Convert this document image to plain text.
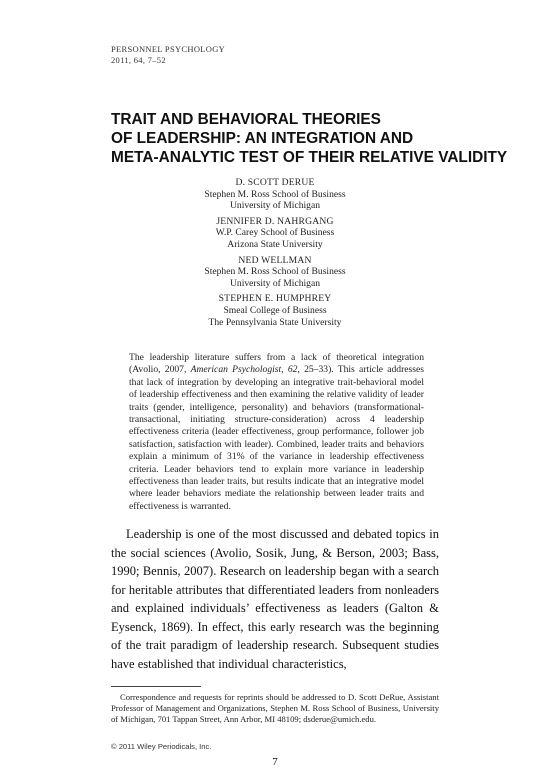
PERSONNEL PSYCHOLOGY
2011, 64, 7–52
TRAIT AND BEHAVIORAL THEORIES
OF LEADERSHIP: AN INTEGRATION AND
META-ANALYTIC TEST OF THEIR RELATIVE VALIDITY
D. SCOTT DERUE
Stephen M. Ross School of Business
University of Michigan
JENNIFER D. NAHRGANG
W.P. Carey School of Business
Arizona State University
NED WELLMAN
Stephen M. Ross School of Business
University of Michigan
STEPHEN E. HUMPHREY
Smeal College of Business
The Pennsylvania State University
The leadership literature suffers from a lack of theoretical integration (Avolio, 2007, American Psychologist, 62, 25–33). This article addresses that lack of integration by developing an integrative trait-behavioral model of leadership effectiveness and then examining the relative validity of leader traits (gender, intelligence, personality) and behaviors (transformational-transactional, initiating structure-consideration) across 4 leadership effectiveness criteria (leader effectiveness, group performance, follower job satisfaction, satisfaction with leader). Combined, leader traits and behaviors explain a minimum of 31% of the variance in leadership effectiveness criteria. Leader behaviors tend to explain more variance in leadership effectiveness than leader traits, but results indicate that an integrative model where leader behaviors mediate the relationship between leader traits and effectiveness is warranted.

Leadership is one of the most discussed and debated topics in the social sciences (Avolio, Sosik, Jung, & Berson, 2003; Bass, 1990; Bennis, 2007). Research on leadership began with a search for heritable attributes that differentiated leaders from nonleaders and explained individuals’ effectiveness as leaders (Galton & Eysenck, 1869). In effect, this early research was the beginning of the trait paradigm of leadership research. Subsequent studies have established that individual characteristics,

Correspondence and requests for reprints should be addressed to D. Scott DeRue, Assistant Professor of Management and Organizations, Stephen M. Ross School of Business, University of Michigan, 701 Tappan Street, Ann Arbor, MI 48109; dsderue@umich.edu.

© 2011 Wiley Periodicals, Inc.
7
